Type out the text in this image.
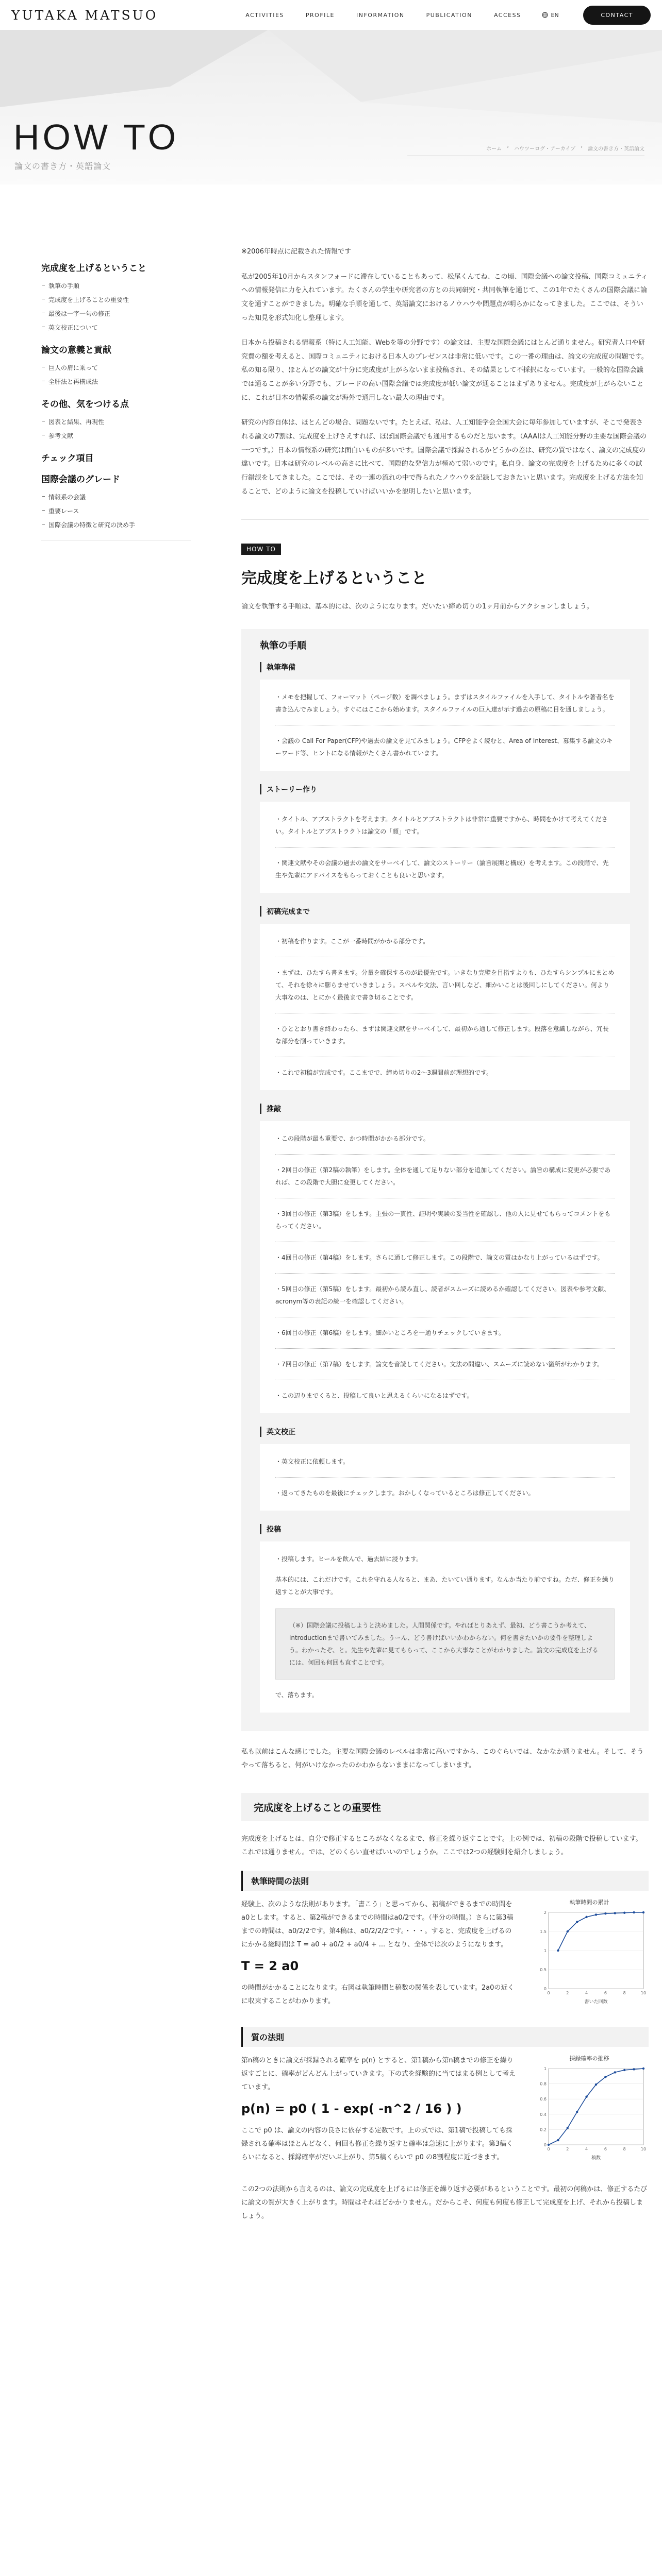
YUTAKA MATSUO	ACTIVITIES	PROFILE	INFORMATION	PUBLICATION	ACCESS	EN	CONTACT
HOW TO
論文の書き方・英語論文
ホーム › ハウツーログ・アーカイブ › 論文の書き方・英語論文
完成度を上げるということ
執筆の手順
完成度を上げることの重要性
最後は一字一句の修正
英文校正について
論文の意義と貢献
巨人の肩に乗って
全肝法と再構成法
その他、気をつける点
図表と結果、再現性
参考文献
チェック項目
国際会議のグレード
情報系の会議
重要レース
国際会議の特徴と研究の決め手

※2006年時点に記載された情報です

私が2005年10月からスタンフォードに滞在していることもあって、松尾くんてね、この頃、国際会議への論文投稿、国際コミュニティへの情報発信に力を入れています。たくさんの学生や研究者の方との共同研究・共同執筆を通じて、この1年でたくさんの国際会議に論文を通すことができました。明確な手順を通して、英語論文におけるノウハウや問題点が明らかになってきました。ここでは、そういった知見を形式知化し整理します。

日本から投稿される情報系（特に人工知能、Webを等の分野です）の論文は、主要な国際会議にはとんど通りません。研究者人口や研究費の額を考えると、国際コミュニティにおける日本人のプレゼンスは非常に低いです。この一番の理由は、論文の完成度の問題です。私の知る限り、ほとんどの論文が十分に完成度が上がらないまま投稿され、その結果として不採択になっています。一般的な国際会議では通ることが多い分野でも、ブレードの高い国際会議では完成度が低い論文が通ることはまずありません。完成度が上がらないことに、これが日本の情報系の論文が海外で通用しない最大の理由です。

研究の内容自体は、ほとんどの場合、問題ないです。たとえば、私は、人工知能学会全国大会に毎年参加していますが、そこで発表される論文の7割は、完成度を上げさえすれば、ほぼ国際会議でも通用するものだと思います。（AAAIは人工知能分野の主要な国際会議の一つです。）日本の情報系の研究は面白いものが多いです。国際会議で採録されるかどうかの差は、研究の質ではなく、論文の完成度の違いです。日本は研究のレベルの高さに比べて、国際的な発信力が極めて弱いのです。私自身、論文の完成度を上げるために多くの試行錯誤をしてきました。ここでは、その一連の流れの中で得られたノウハウを記録しておきたいと思います。完成度を上げる方法を知ることで、どのように論文を投稿していけばいいかを説明したいと思います。

HOW TO
完成度を上げるということ

論文を執筆する手順は、基本的には、次のようになります。だいたい締め切りの1ヶ月前からアクションしましょう。

執筆の手順
執筆準備

・メモを把握して、フォーマット（ページ数）を調べましょう。まずはスタイルファイルを入手して、タイトルや著者名を書き込んでみましょう。すぐにはここから始めます。スタイルファイルの巨人達が示す過去の原稿に目を通しましょう。

・会議の Call For Paper(CFP)や過去の論文を見てみましょう。CFPをよく読むと、Area of Interest、募集する論文のキーワード等、ヒントになる情報がたくさん書かれています。

ストーリー作り

・タイトル、アブストラクトを考えます。タイトルとアブストラクトは非常に重要ですから、時間をかけて考えてください。タイトルとアブストラクトは論文の「顔」です。

・関連文献やその会議の過去の論文をサーベイして、論文のストーリー（論旨展開と構成）を考えます。この段階で、先生や先輩にアドバイスをもらっておくことも良いと思います。

初稿完成まで

・初稿を作ります。ここが一番時間がかかる部分です。

・まずは、ひたすら書きます。分量を確保するのが最優先です。いきなり完璧を目指すよりも、ひたすらシンプルにまとめて、それを徐々に膨らませていきましょう。スペルや文法、言い回しなど、細かいことは後回しにしてください。何より大事なのは、とにかく最後まで書き切ることです。

・ひととおり書き終わったら、まずは関連文献をサーベイして、最初から通して修正します。段落を意識しながら、冗長な部分を削っていきます。

・これで初稿が完成です。ここまでで、締め切りの2〜3週間前が理想的です。

推敲

・この段階が最も重要で、かつ時間がかかる部分です。

・2回目の修正（第2稿の執筆）をします。全体を通して足りない部分を追加してください。論旨の構成に変更が必要であれば、この段階で大胆に変更してください。

・3回目の修正（第3稿）をします。主張の一貫性、証明や実験の妥当性を確認し、他の人に見せてもらってコメントをもらってください。

・4回目の修正（第4稿）をします。さらに通して修正します。この段階で、論文の質はかなり上がっているはずです。

・5回目の修正（第5稿）をします。最初から読み直し、読者がスムーズに読めるか確認してください。図表や参考文献、acronym等の表記の統一を確認してください。

・6回目の修正（第6稿）をします。細かいところを一通りチェックしていきます。

・7回目の修正（第7稿）をします。論文を音読してください。文法の間違い、スムーズに読めない箇所がわかります。

・この辺りまでくると、投稿して良いと思えるくらいになるはずです。

英文校正

・英文校正に依頼します。

・返ってきたものを最後にチェックします。おかしくなっているところは修正してください。

投稿

・投稿します。ヒールを飲んで、過去結に浸ります。

基本的には、これだけです。これを守れる人なると、まあ、たいてい通ります。なんか当たり前ですね。ただ、修正を繰り返すことが大事です。

（※）国際会議に投稿しようと決めました。人間関係です。やればとりあえず、最初、どう書こうか考えて、introductionまで書いてみました。うーん、どう書けばいいかわからない。何を書きたいかの要件を整理しよう。わかったぞ、と。先生や先輩に見てもらって、ここから大事なことがわかりました。論文の完成度を上げるには、何回も何回も直すことです。

で、落ちます。

私も以前はこんな感じでした。主要な国際会議のレベルは非常に高いですから、このぐらいでは、なかなか通りません。そして、そうやって落ちると、何がいけなかったのかわからないままになってしまいます。

完成度を上げることの重要性

完成度を上げるとは、自分で修正するところがなくなるまで、修正を繰り返すことです。上の例では、初稿の段階で投稿しています。これでは通りません。では、どのくらい直せばいいのでしょうか。ここでは2つの経験則を紹介しましょう。

執筆時間の法則

経験上、次のような法則があります。「書こう」と思ってから、初稿ができるまでの時間をa0とします。すると、第2稿ができるまでの時間はa0/2です。（半分の時間。）さらに第3稿までの時間は、a0/2/2です。第4稿は、a0/2/2/2です。・・・。すると、完成度を上げるのにかかる総時間は T = a0 + a0/2 + a0/4 + ... となり、全体では次のようになります。

T = 2 a0

の時間がかかることになります。右図は執筆時間と稿数の関係を表しています。2a0の近くに収束することがわかります。

執筆時間の累計
0
0.5
1
1.5
2
0	2	4	6	8	10
書いた回数
質の法則

第n稿のときに論文が採録される確率を p(n) とすると、第1稿から第n稿までの修正を繰り返すごとに、確率がどんどん上がっていきます。下の式を経験的に当てはまる例として考えています。

p(n) = p0 ( 1 - exp( -n^2 / 16 ) )

ここで p0 は、論文の内容の良さに依存する定数です。上の式では、第1稿で投稿しても採録される確率はほとんどなく、何回も修正を繰り返すと確率は急速に上がります。第3稿くらいになると、採録確率がだいぶ上がり、第5稿くらいで p0 の8割程度に近づきます。

採録確率の推移
0
0.2
0.4
0.6
0.8
1
0	2	4	6	8	10
稿数

この2つの法則から言えるのは、論文の完成度を上げるには修正を繰り返す必要があるということです。最初の何稿かは、修正するたびに論文の質が大きく上がります。時間はそれほどかかりません。だからこそ、何度も何度も修正して完成度を上げ、それから投稿しましょう。
